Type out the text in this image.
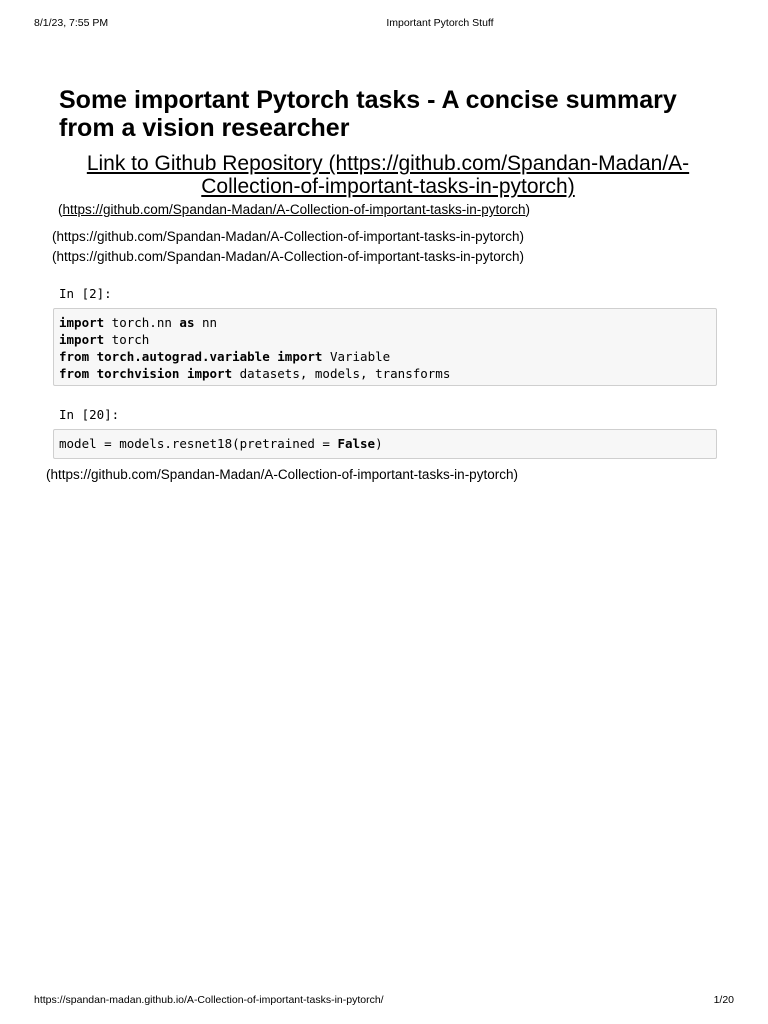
8/1/23, 7:55 PM	Important Pytorch Stuff
Some important Pytorch tasks - A concise summary from a vision researcher
Link to Github Repository (https://github.com/Spandan-Madan/A-Collection-of-important-tasks-in-pytorch)
(https://github.com/Spandan-Madan/A-Collection-of-important-tasks-in-pytorch)
(https://github.com/Spandan-Madan/A-Collection-of-important-tasks-in-pytorch)
(https://github.com/Spandan-Madan/A-Collection-of-important-tasks-in-pytorch)
In [2]:
import torch.nn as nn
import torch
from torch.autograd.variable import Variable
from torchvision import datasets, models, transforms
In [20]:
model = models.resnet18(pretrained = False)
(https://github.com/Spandan-Madan/A-Collection-of-important-tasks-in-pytorch)
https://spandan-madan.github.io/A-Collection-of-important-tasks-in-pytorch/	1/20
